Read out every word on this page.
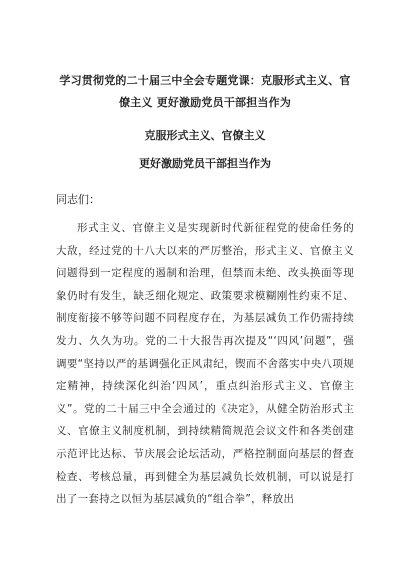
学习贯彻党的二十届三中全会专题党课：克服形式主义、官僚主义 更好激励党员干部担当作为
克服形式主义、官僚主义
更好激励党员干部担当作为

同志们：

形式主义、官僚主义是实现新时代新征程党的使命任务的大敌，经过党的十八大以来的严厉整治，形式主义、官僚主义问题得到一定程度的遏制和治理，但禁而未绝、改头换面等现象仍时有发生，缺乏细化规定、政策要求模糊刚性约束不足、制度衔接不够等问题不同程度存在，为基层减负工作仍需持续发力、久久为功。党的二十大报告再次提及“‘四风’问题”，强调要“坚持以严的基调强化正风肃纪，锲而不舍落实中央八项规定精神，持续深化纠治‘四风’，重点纠治形式主义、官僚主义”。党的二十届三中全会通过的《决定》，从健全防治形式主义、官僚主义制度机制，到持续精简规范会议文件和各类创建示范评比达标、节庆展会论坛活动，严格控制面向基层的督查检查、考核总量，再到健全为基层减负长效机制，可以说是打出了一套持之以恒为基层减负的“组合拳”，释放出
